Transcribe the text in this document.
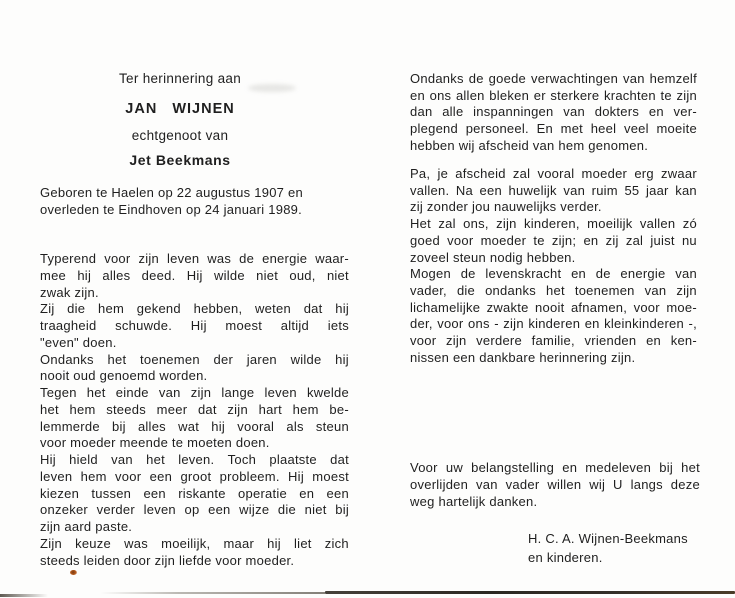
Ter herinnering aan
JAN WIJNEN
echtgenoot van
Jet Beekmans
Geboren te Haelen op 22 augustus 1907 en
overleden te Eindhoven op 24 januari 1989.
Typerend voor zijn leven was de energie waar-
mee hij alles deed. Hij wilde niet oud, niet
zwak zijn.
Zij die hem gekend hebben, weten dat hij
traagheid schuwde. Hij moest altijd iets
"even" doen.
Ondanks het toenemen der jaren wilde hij
nooit oud genoemd worden.
Tegen het einde van zijn lange leven kwelde
het hem steeds meer dat zijn hart hem be-
lemmerde bij alles wat hij vooral als steun
voor moeder meende te moeten doen.
Hij hield van het leven. Toch plaatste dat
leven hem voor een groot probleem. Hij moest
kiezen tussen een riskante operatie en een
onzeker verder leven op een wijze die niet bij
zijn aard paste.
Zijn keuze was moeilijk, maar hij liet zich
steeds leiden door zijn liefde voor moeder.
Ondanks de goede verwachtingen van hemzelf
en ons allen bleken er sterkere krachten te zijn
dan alle inspanningen van dokters en ver-
plegend personeel. En met heel veel moeite
hebben wij afscheid van hem genomen.
Pa, je afscheid zal vooral moeder erg zwaar
vallen. Na een huwelijk van ruim 55 jaar kan
zij zonder jou nauwelijks verder.
Het zal ons, zijn kinderen, moeilijk vallen zó
goed voor moeder te zijn; en zij zal juist nu
zoveel steun nodig hebben.
Mogen de levenskracht en de energie van
vader, die ondanks het toenemen van zijn
lichamelijke zwakte nooit afnamen, voor moe-
der, voor ons - zijn kinderen en kleinkinderen -,
voor zijn verdere familie, vrienden en ken-
nissen een dankbare herinnering zijn.
Voor uw belangstelling en medeleven bij het
overlijden van vader willen wij U langs deze
weg hartelijk danken.
H. C. A. Wijnen-Beekmans
en kinderen.
